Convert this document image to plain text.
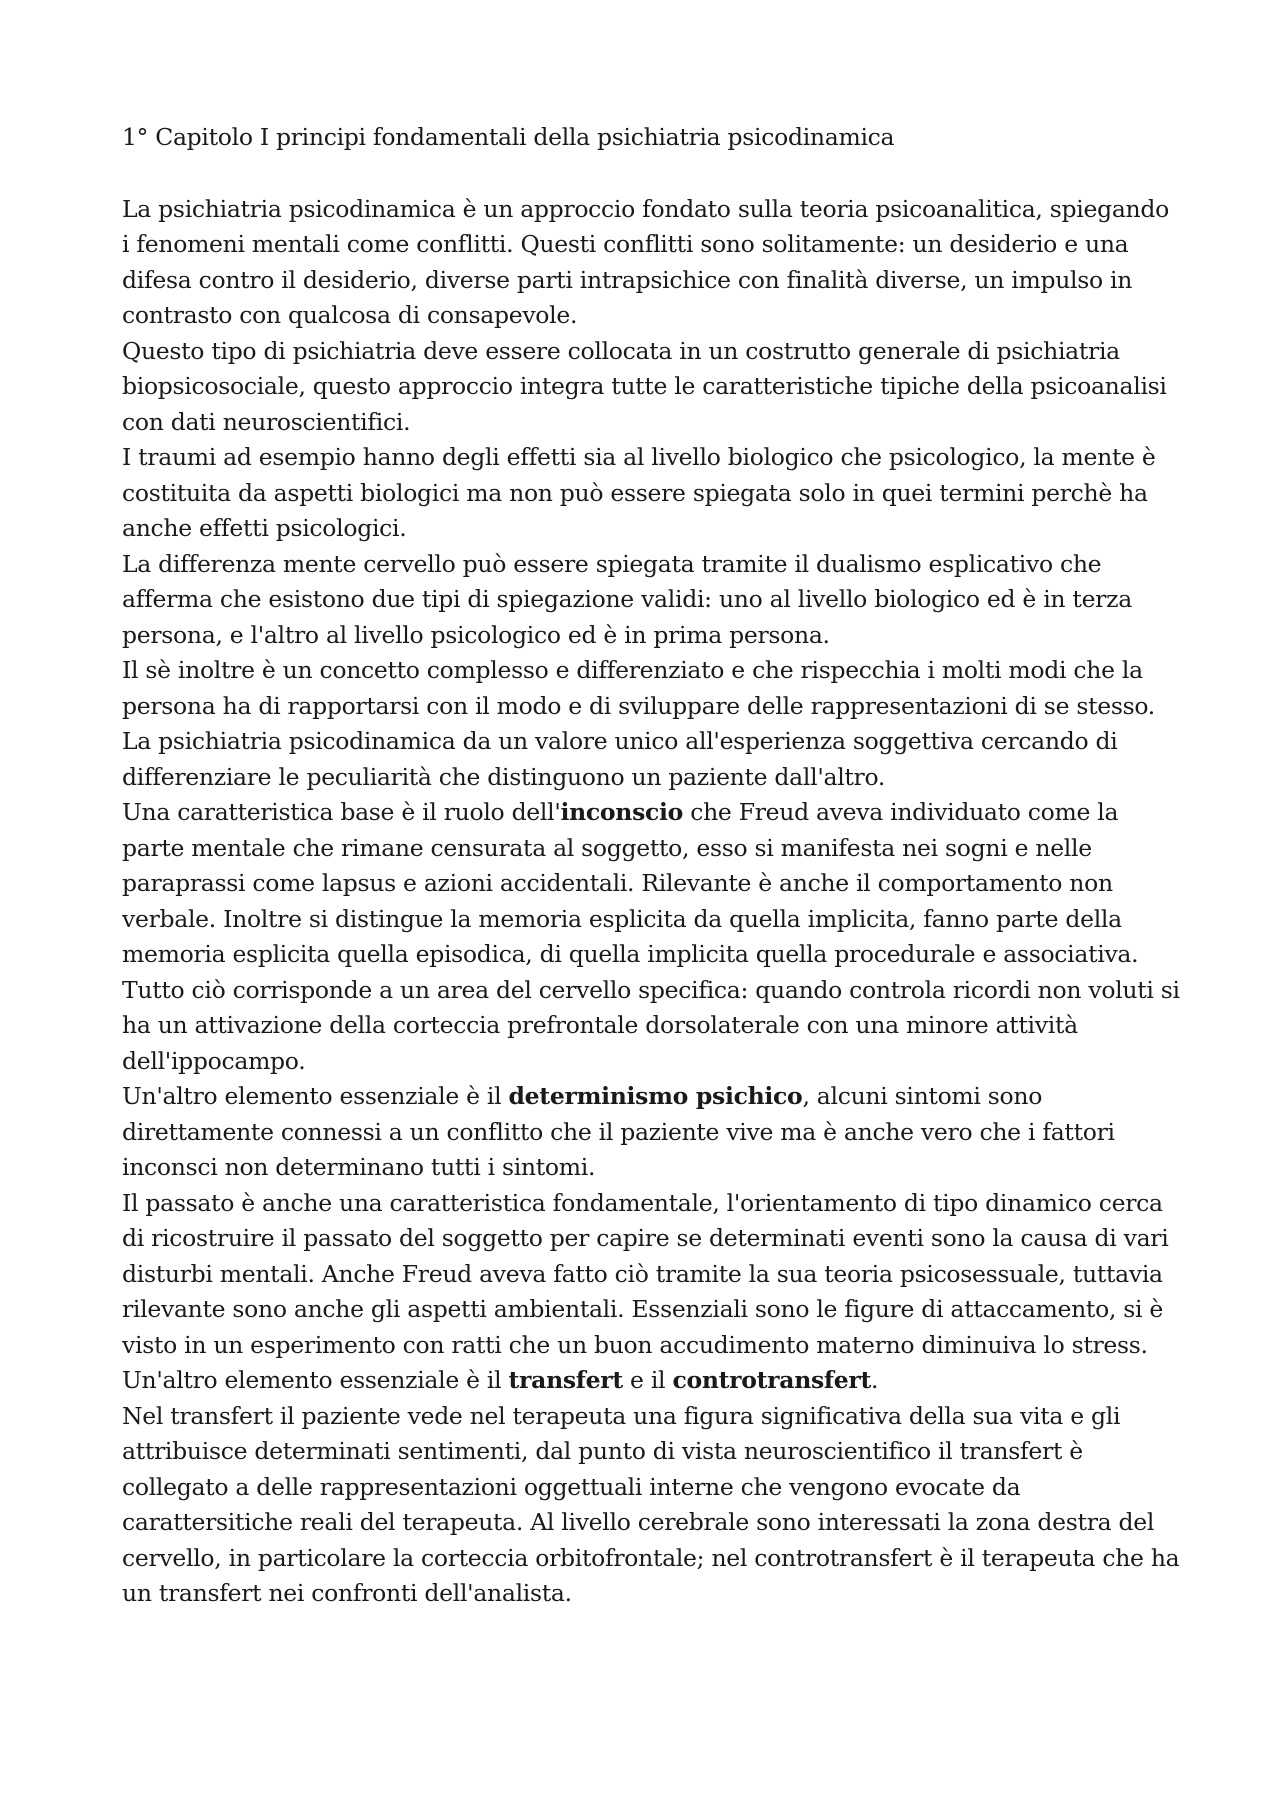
1° Capitolo I principi fondamentali della psichiatria psicodinamica

La psichiatria psicodinamica è un approccio fondato sulla teoria psicoanalitica, spiegando i fenomeni mentali come conflitti. Questi conflitti sono solitamente: un desiderio e una difesa contro il desiderio, diverse parti intrapsichice con finalità diverse, un impulso in contrasto con qualcosa di consapevole.

Questo tipo di psichiatria deve essere collocata in un costrutto generale di psichiatria biopsicosociale, questo approccio integra tutte le caratteristiche tipiche della psicoanalisi con dati neuroscientifici.

I traumi ad esempio hanno degli effetti sia al livello biologico che psicologico, la mente è costituita da aspetti biologici ma non può essere spiegata solo in quei termini perchè ha anche effetti psicologici.

La differenza mente cervello può essere spiegata tramite il dualismo esplicativo che afferma che esistono due tipi di spiegazione validi: uno al livello biologico ed è in terza persona, e l'altro al livello psicologico ed è in prima persona.

Il sè inoltre è un concetto complesso e differenziato e che rispecchia i molti modi che la persona ha di rapportarsi con il modo e di sviluppare delle rappresentazioni di se stesso.

La psichiatria psicodinamica da un valore unico all'esperienza soggettiva cercando di differenziare le peculiarità che distinguono un paziente dall'altro.

Una caratteristica base è il ruolo dell'inconscio che Freud aveva individuato come la parte mentale che rimane censurata al soggetto, esso si manifesta nei sogni e nelle paraprassi come lapsus e azioni accidentali. Rilevante è anche il comportamento non verbale. Inoltre si distingue la memoria esplicita da quella implicita, fanno parte della memoria esplicita quella episodica, di quella implicita quella procedurale e associativa. Tutto ciò corrisponde a un area del cervello specifica: quando controla ricordi non voluti si ha un attivazione della corteccia prefrontale dorsolaterale con una minore attività dell'ippocampo.

Un'altro elemento essenziale è il determinismo psichico, alcuni sintomi sono direttamente connessi a un conflitto che il paziente vive ma è anche vero che i fattori inconsci non determinano tutti i sintomi.

Il passato è anche una caratteristica fondamentale, l'orientamento di tipo dinamico cerca di ricostruire il passato del soggetto per capire se determinati eventi sono la causa di vari disturbi mentali. Anche Freud aveva fatto ciò tramite la sua teoria psicosessuale, tuttavia rilevante sono anche gli aspetti ambientali. Essenziali sono le figure di attaccamento, si è visto in un esperimento con ratti che un buon accudimento materno diminuiva lo stress.

Un'altro elemento essenziale è il transfert e il controtransfert.

Nel transfert il paziente vede nel terapeuta una figura significativa della sua vita e gli attribuisce determinati sentimenti, dal punto di vista neuroscientifico il transfert è collegato a delle rappresentazioni oggettuali interne che vengono evocate da carattersitiche reali del terapeuta. Al livello cerebrale sono interessati la zona destra del cervello, in particolare la corteccia orbitofrontale; nel controtransfert è il terapeuta che ha un transfert nei confronti dell'analista.
